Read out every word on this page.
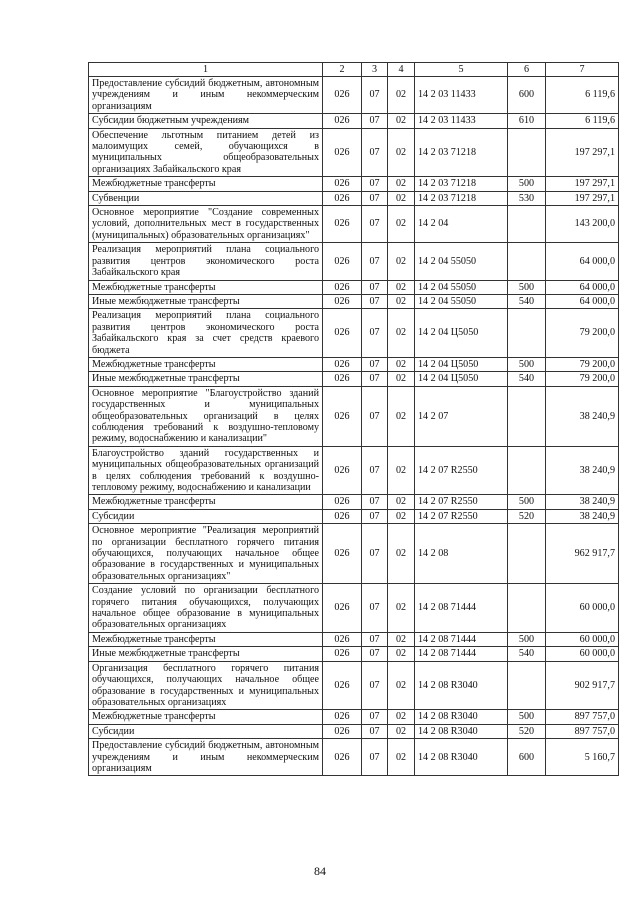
1	2	3	4	5	6	7
Предоставление субсидий бюджетным, автономным учреждениям и иным некоммерческим организациям	026	07	02	14 2 03 11433	600	6 119,6
Субсидии бюджетным учреждениям	026	07	02	14 2 03 11433	610	6 119,6
Обеспечение льготным питанием детей из малоимущих семей, обучающихся в муниципальных общеобразовательных организациях Забайкальского края	026	07	02	14 2 03 71218		197 297,1
Межбюджетные трансферты	026	07	02	14 2 03 71218	500	197 297,1
Субвенции	026	07	02	14 2 03 71218	530	197 297,1
Основное мероприятие "Создание современных условий, дополнительных мест в государственных (муниципальных) образовательных организациях"	026	07	02	14 2 04		143 200,0
Реализация мероприятий плана социального развития центров экономического роста Забайкальского края	026	07	02	14 2 04 55050		64 000,0
Межбюджетные трансферты	026	07	02	14 2 04 55050	500	64 000,0
Иные межбюджетные трансферты	026	07	02	14 2 04 55050	540	64 000,0
Реализация мероприятий плана социального развития центров экономического роста Забайкальского края за счет средств краевого бюджета	026	07	02	14 2 04 Ц5050		79 200,0
Межбюджетные трансферты	026	07	02	14 2 04 Ц5050	500	79 200,0
Иные межбюджетные трансферты	026	07	02	14 2 04 Ц5050	540	79 200,0
Основное мероприятие "Благоустройство зданий государственных и муниципальных общеобразовательных организаций в целях соблюдения требований к воздушно-тепловому режиму, водоснабжению и канализации"	026	07	02	14 2 07		38 240,9
Благоустройство зданий государственных и муниципальных общеобразовательных организаций в целях соблюдения требований к воздушно-тепловому режиму, водоснабжению и канализации	026	07	02	14 2 07 R2550		38 240,9
Межбюджетные трансферты	026	07	02	14 2 07 R2550	500	38 240,9
Субсидии	026	07	02	14 2 07 R2550	520	38 240,9
Основное мероприятие "Реализация мероприятий по организации бесплатного горячего питания обучающихся, получающих начальное общее образование в государственных и муниципальных образовательных организациях"	026	07	02	14 2 08		962 917,7
Создание условий по организации бесплатного горячего питания обучающихся, получающих начальное общее образование в муниципальных образовательных организациях	026	07	02	14 2 08 71444		60 000,0
Межбюджетные трансферты	026	07	02	14 2 08 71444	500	60 000,0
Иные межбюджетные трансферты	026	07	02	14 2 08 71444	540	60 000,0
Организация бесплатного горячего питания обучающихся, получающих начальное общее образование в государственных и муниципальных образовательных организациях	026	07	02	14 2 08 R3040		902 917,7
Межбюджетные трансферты	026	07	02	14 2 08 R3040	500	897 757,0
Субсидии	026	07	02	14 2 08 R3040	520	897 757,0
Предоставление субсидий бюджетным, автономным учреждениям и иным некоммерческим организациям	026	07	02	14 2 08 R3040	600	5 160,7
84
